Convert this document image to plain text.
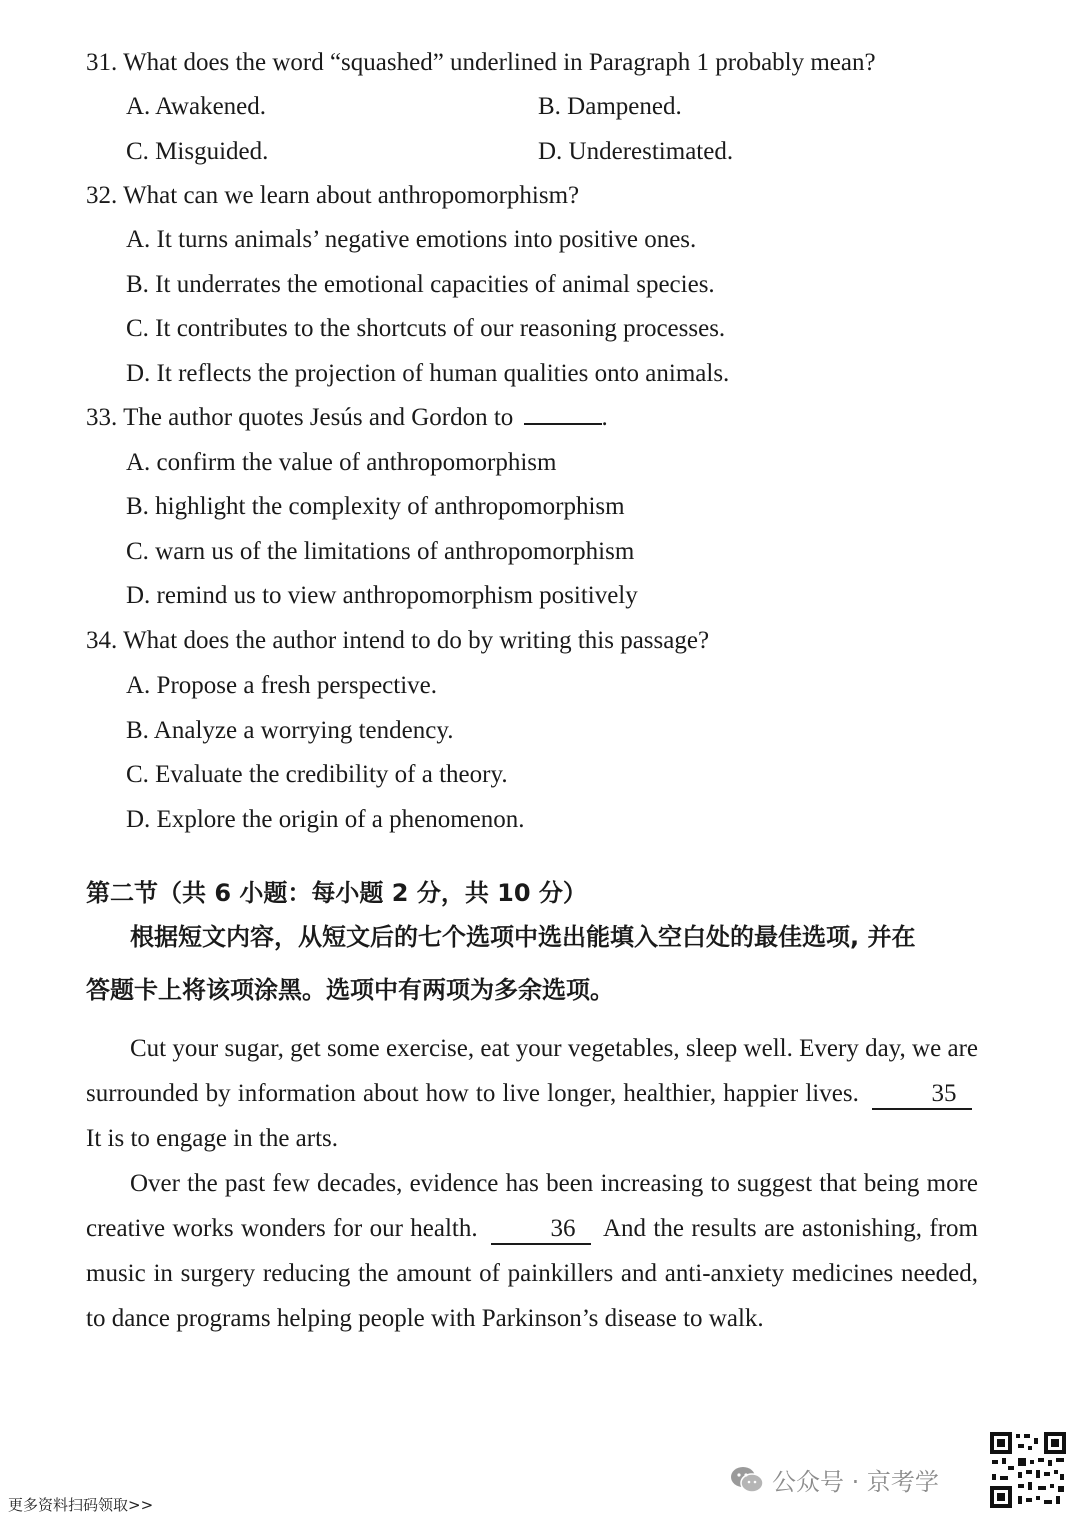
31. What does the word “squashed” underlined in Paragraph 1 probably mean?
A. Awakened.	B. Dampened.
C. Misguided.	D. Underestimated.
32. What can we learn about anthropomorphism?
A. It turns animals’ negative emotions into positive ones.
B. It underrates the emotional capacities of animal species.
C. It contributes to the shortcuts of our reasoning processes.
D. It reflects the projection of human qualities onto animals.
33. The author quotes Jesús and Gordon to	.
A. confirm the value of anthropomorphism
B. highlight the complexity of anthropomorphism
C. warn us of the limitations of anthropomorphism
D. remind us to view anthropomorphism positively
34. What does the author intend to do by writing this passage?
A. Propose a fresh perspective.
B. Analyze a worrying tendency.
C. Evaluate the credibility of a theory.
D. Explore the origin of a phenomenon.
第二节（共 6 小题：每小题 2 分，共 10 分）
根据短文内容，从短文后的七个选项中选出能填入空白处的最佳选项, 并在
答题卡上将该项涂黑。选项中有两项为多余选项。
Cut your sugar, get some exercise, eat your vegetables, sleep well. Every day, we are surrounded by information about how to live longer, healthier, happier lives.	35 It is to engage in the arts.
Over the past few decades, evidence has been increasing to suggest that being more creative works wonders for our health.	36 And the results are astonishing, from music in surgery reducing the amount of painkillers and anti-anxiety medicines needed, to dance programs helping people with Parkinson’s disease to walk.
更多资料扫码领取>>
公众号 · 京考学
